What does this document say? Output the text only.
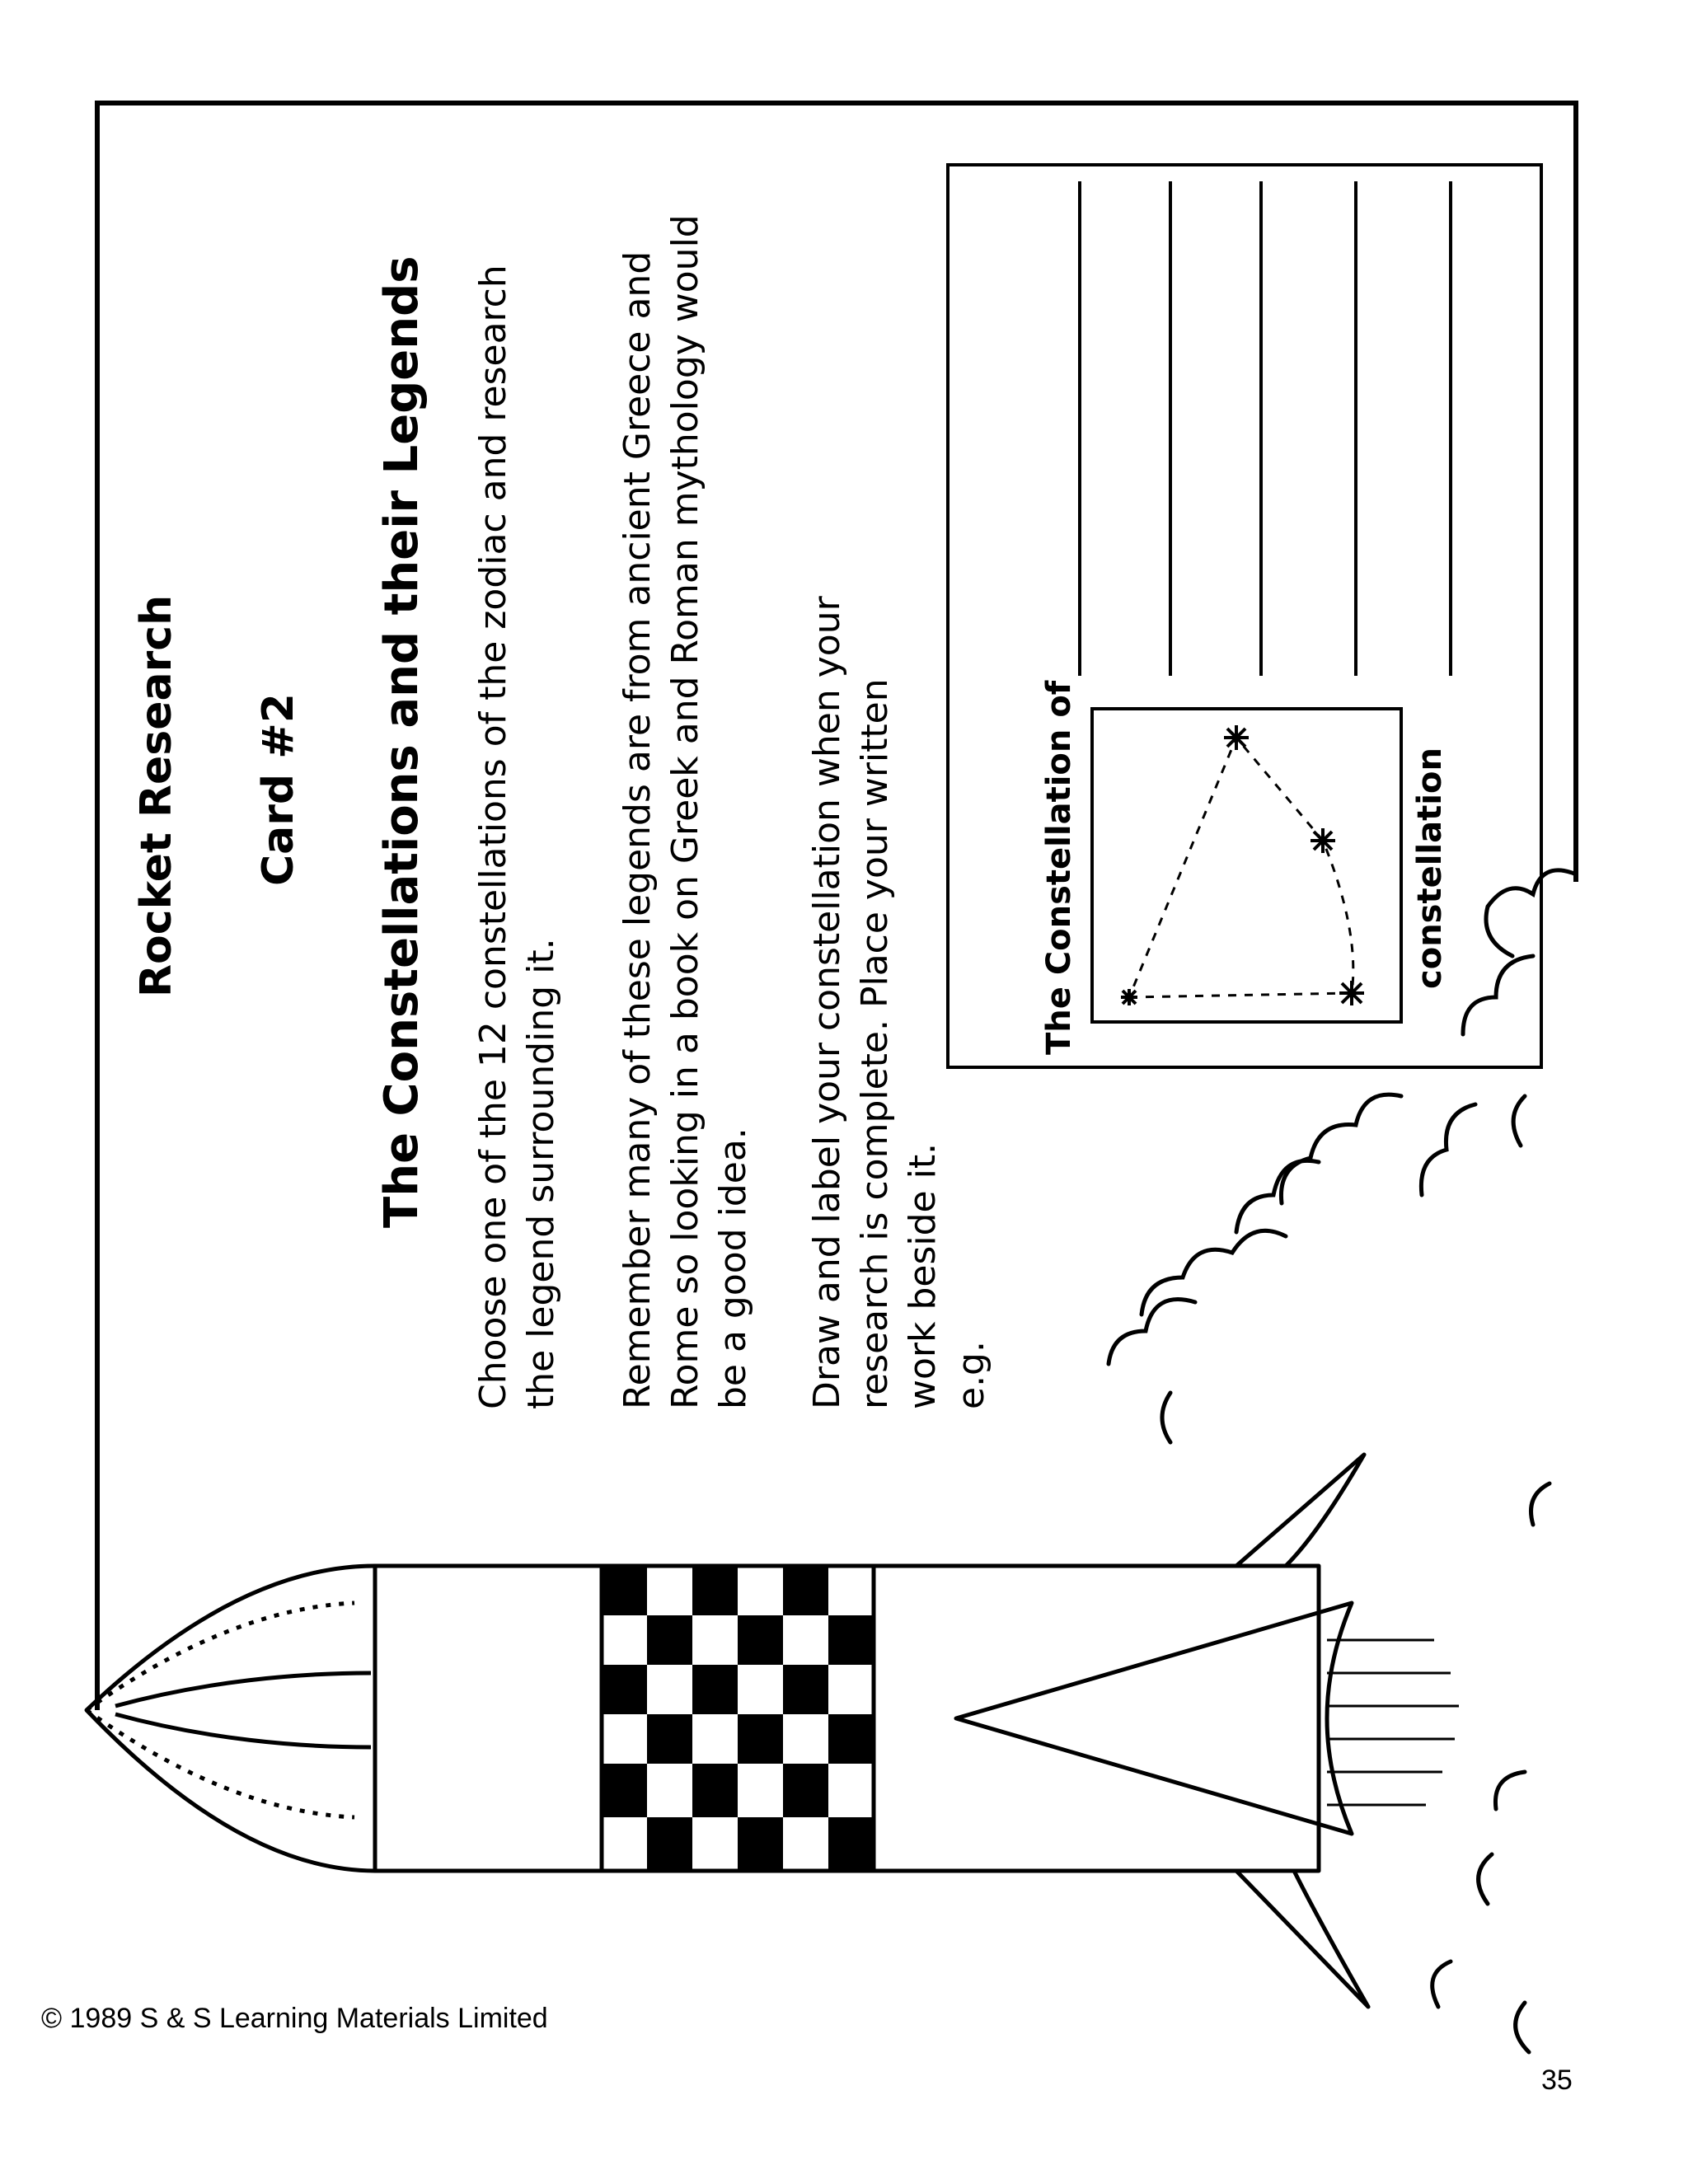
Rocket Research Card #2 The Constellations and their Legends Choose one of the 12 constellations of the zodiac and research the legend surrounding it. Remember many of these legends are from ancient Greece and Rome so looking in a book on Greek and Roman mythology would be a good idea. Draw and label your constellation when your research is complete. Place your written work beside it. e.g.
The Constellation of	constellation
© 1989 S & S Learning Materials Limited
35
